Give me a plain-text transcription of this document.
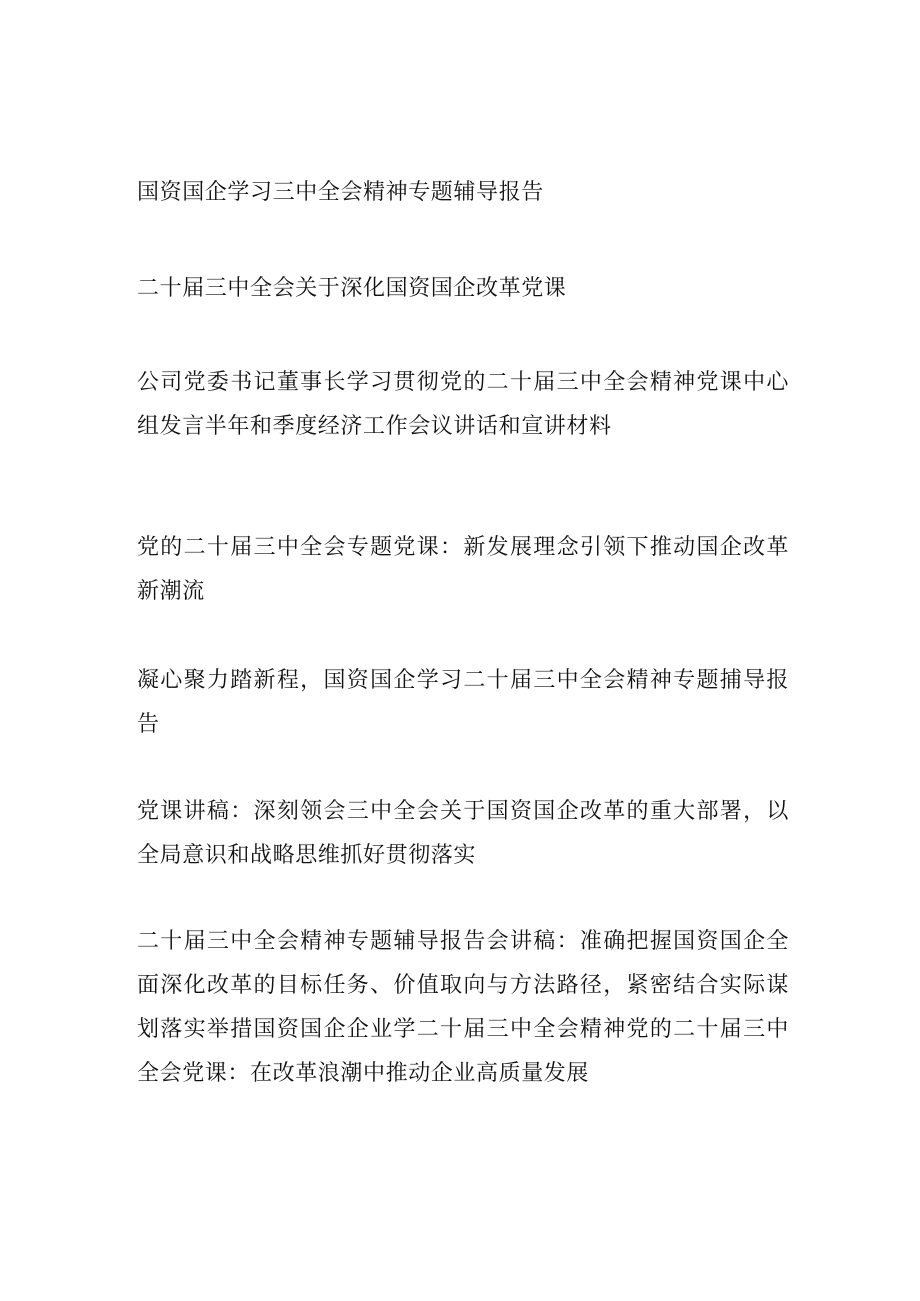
国资国企学习三中全会精神专题辅导报告

二十届三中全会关于深化国资国企改革党课

公司党委书记董事长学习贯彻党的二十届三中全会精神党课中心组发言半年和季度经济工作会议讲话和宣讲材料

党的二十届三中全会专题党课：新发展理念引领下推动国企改革新潮流

凝心聚力踏新程，国资国企学习二十届三中全会精神专题捕导报告

党课讲稿：深刻领会三中全会关于国资国企改革的重大部署，以全局意识和战略思维抓好贯彻落实

二十届三中全会精神专题辅导报告会讲稿：准确把握国资国企全面深化改革的目标任务、价值取向与方法路径，紧密结合实际谋划落实举措国资国企企业学二十届三中全会精神党的二十届三中全会党课：在改革浪潮中推动企业高质量发展
